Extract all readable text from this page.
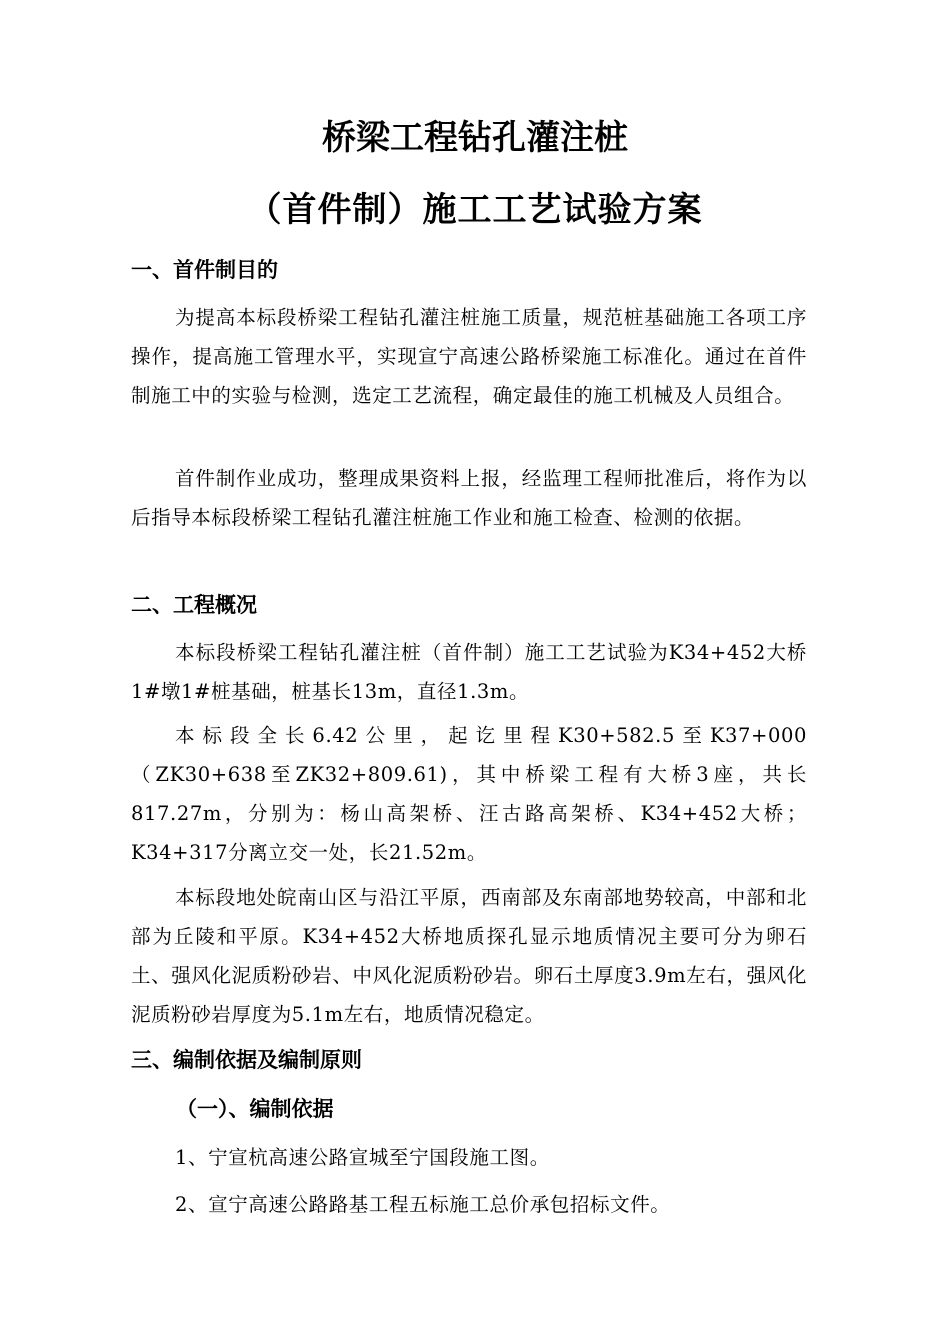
桥梁工程钻孔灌注桩
（首件制）施工工艺试验方案
一、首件制目的

为提高本标段桥梁工程钻孔灌注桩施工质量，规范桩基础施工各项工序操作，提高施工管理水平，实现宣宁高速公路桥梁施工标准化。通过在首件制施工中的实验与检测，选定工艺流程，确定最佳的施工机械及人员组合。

首件制作业成功，整理成果资料上报，经监理工程师批准后，将作为以后指导本标段桥梁工程钻孔灌注桩施工作业和施工检查、检测的依据。

二、工程概况

本标段桥梁工程钻孔灌注桩（首件制）施工工艺试验为K34+452大桥1#墩1#桩基础，桩基长13m，直径1.3m。

本标段全长6.42公里，起讫里程K30+582.5至K37+000（ZK30+638至ZK32+809.61)，其中桥梁工程有大桥3座，共长817.27m，分别为：杨山高架桥、汪古路高架桥、K34+452大桥；K34+317分离立交一处，长21.52m。

本标段地处皖南山区与沿江平原，西南部及东南部地势较高，中部和北部为丘陵和平原。K34+452大桥地质探孔显示地质情况主要可分为卵石土、强风化泥质粉砂岩、中风化泥质粉砂岩。卵石土厚度3.9m左右，强风化泥质粉砂岩厚度为5.1m左右，地质情况稳定。

三、编制依据及编制原则
（一）、编制依据

1、宁宣杭高速公路宣城至宁国段施工图。

2、宣宁高速公路路基工程五标施工总价承包招标文件。
